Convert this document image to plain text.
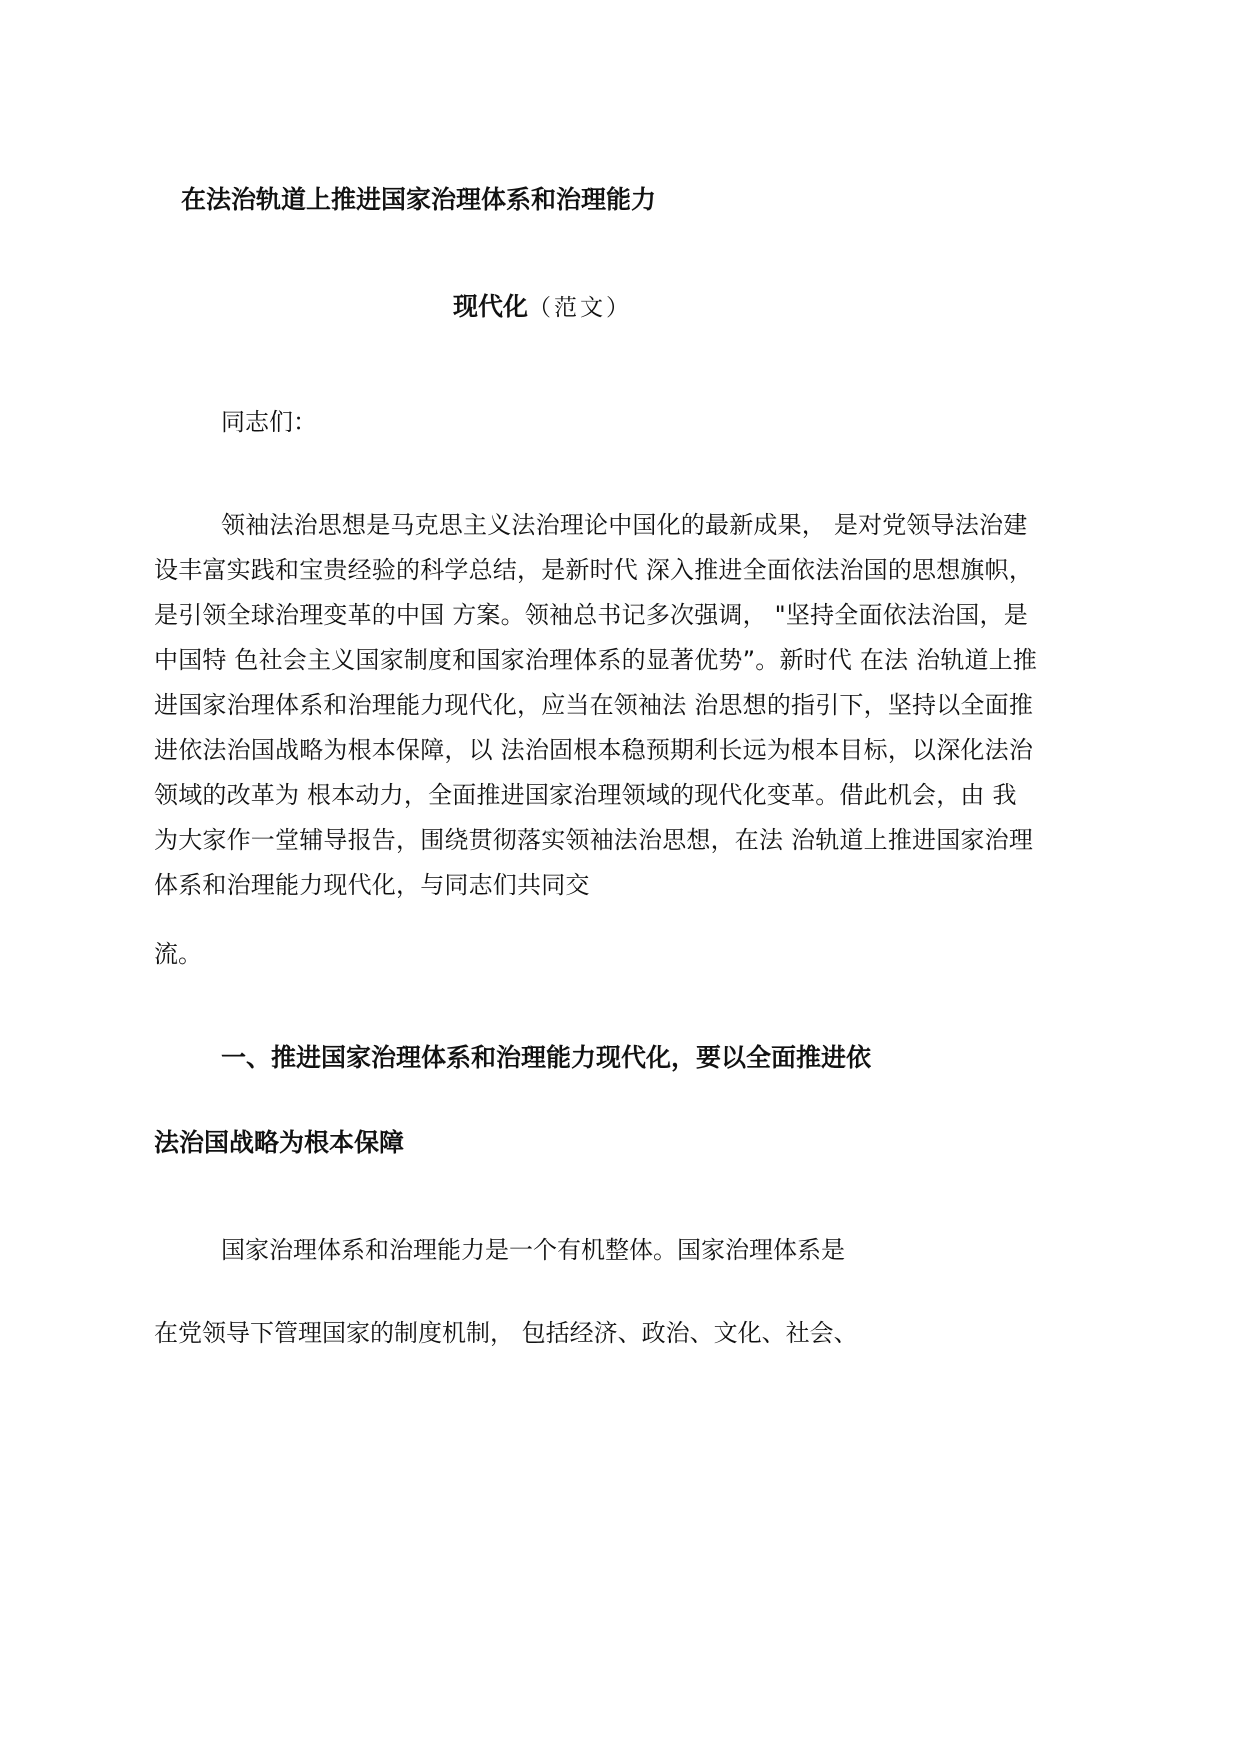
在法治轨道上推进国家治理体系和治理能力
现代化（范文）
同志们：
领袖法治思想是马克思主义法治理论中国化的最新成果， 是对党领导法治建
设丰富实践和宝贵经验的科学总结，是新时代 深入推进全面依法治国的思想旗帜，
是引领全球治理变革的中国 方案。领袖总书记多次强调， "坚持全面依法治国，是
中国特 色社会主义国家制度和国家治理体系的显著优势”。新时代 在法 治轨道上推
进国家治理体系和治理能力现代化，应当在领袖法 治思想的指引下，坚持以全面推
进依法治国战略为根本保障，以 法治固根本稳预期利长远为根本目标，以深化法治
领域的改革为 根本动力，全面推进国家治理领域的现代化变革。借此机会，由 我
为大家作一堂辅导报告，围绕贯彻落实领袖法治思想，在法 治轨道上推进国家治理
体系和治理能力现代化，与同志们共同交
流。
一、推进国家治理体系和治理能力现代化，要以全面推进依
法治国战略为根本保障
国家治理体系和治理能力是一个有机整体。国家治理体系是
在党领导下管理国家的制度机制， 包括经济、政治、文化、社会、
